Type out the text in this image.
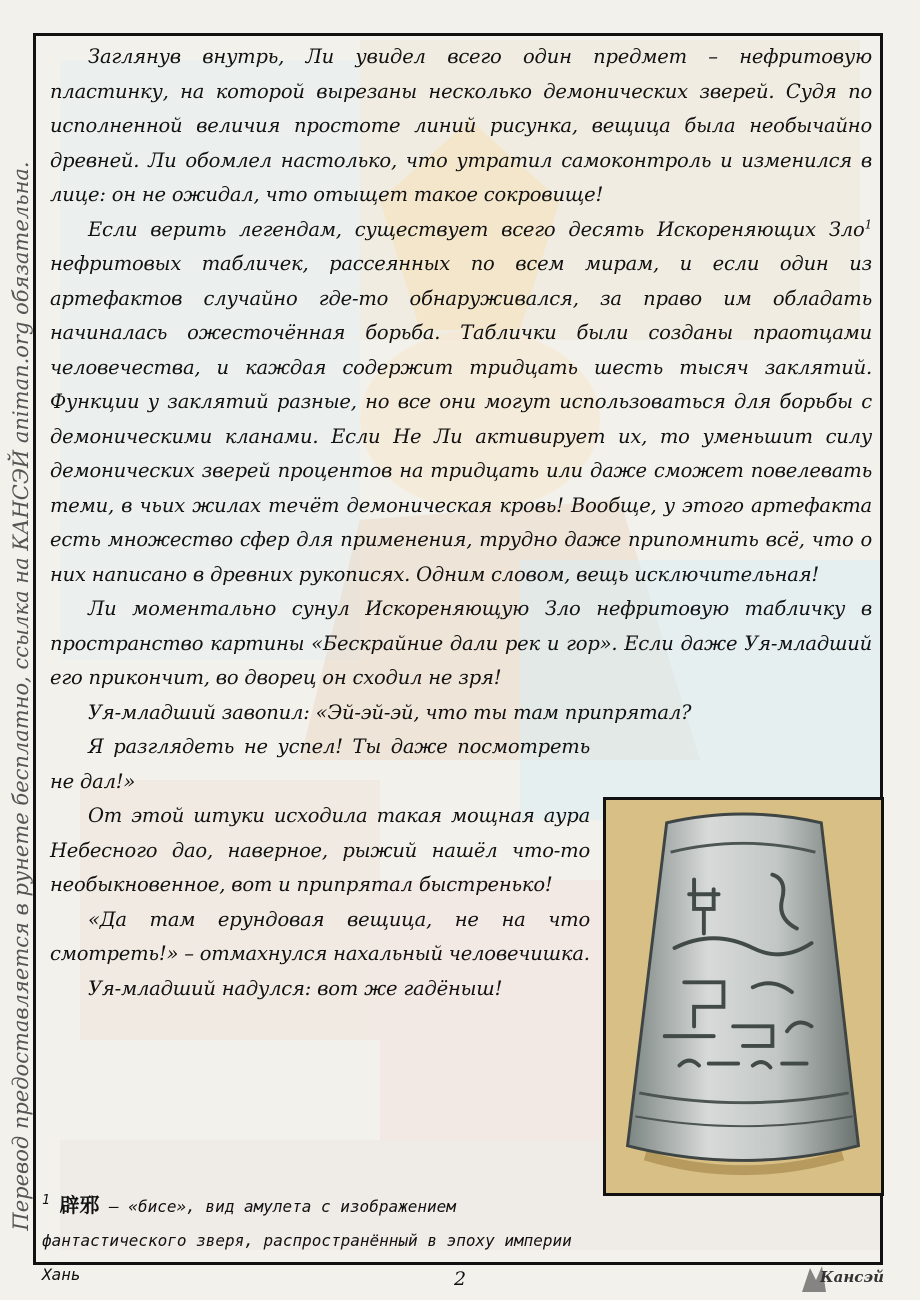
Перевод предоставляется в рунете бесплатно, ссылка на КАНСЭЙ animan.org обязательна.

Заглянув внутрь, Ли увидел всего один предмет – нефритовую пластинку, на которой вырезаны несколько демонических зверей. Судя по исполненной величия простоте линий рисунка, вещица была необычайно древней. Ли обомлел настолько, что утратил самоконтроль и изменился в лице: он не ожидал, что отыщет такое сокровище!

Если верить легендам, существует всего десять Искореняющих Зло$^1$ нефритовых табличек, рассеянных по всем мирам, и если один из артефактов случайно где-то обнаруживался, за право им обладать начиналась ожесточённая борьба. Таблички были созданы праотцами человечества, и каждая содержит тридцать шесть тысяч заклятий. Функции у заклятий разные, но все они могут использоваться для борьбы с демоническими кланами. Если Не Ли активирует их, то уменьшит силу демонических зверей процентов на тридцать или даже сможет повелевать теми, в чьих жилах течёт демоническая кровь! Вообще, у этого артефакта есть множество сфер для применения, трудно даже припомнить всё, что о них написано в древних рукописях. Одним словом, вещь исключительная!

Ли моментально сунул Искореняющую Зло нефритовую табличку в пространство картины «Бескрайние дали рек и гор». Если даже Уя-младший его прикончит, во дворец он сходил не зря!

Уя-младший завопил: «Эй-эй-эй, что ты там припрятал?

Я разглядеть не успел! Ты даже посмотреть не дал!»

От этой штуки исходила такая мощная аура Небесного дао, наверное, рыжий нашёл что-то необыкновенное, вот и припрятал быстренько!

«Да там ерундовая вещица, не на что смотреть!» – отмахнулся нахальный человечишка.

Уя-младший надулся: вот же гадёныш!

$^1$ 辟邪 – «бисе», вид амулета с изображением фантастического зверя, распространённый в эпоху империи Хань	2	Кансэй
